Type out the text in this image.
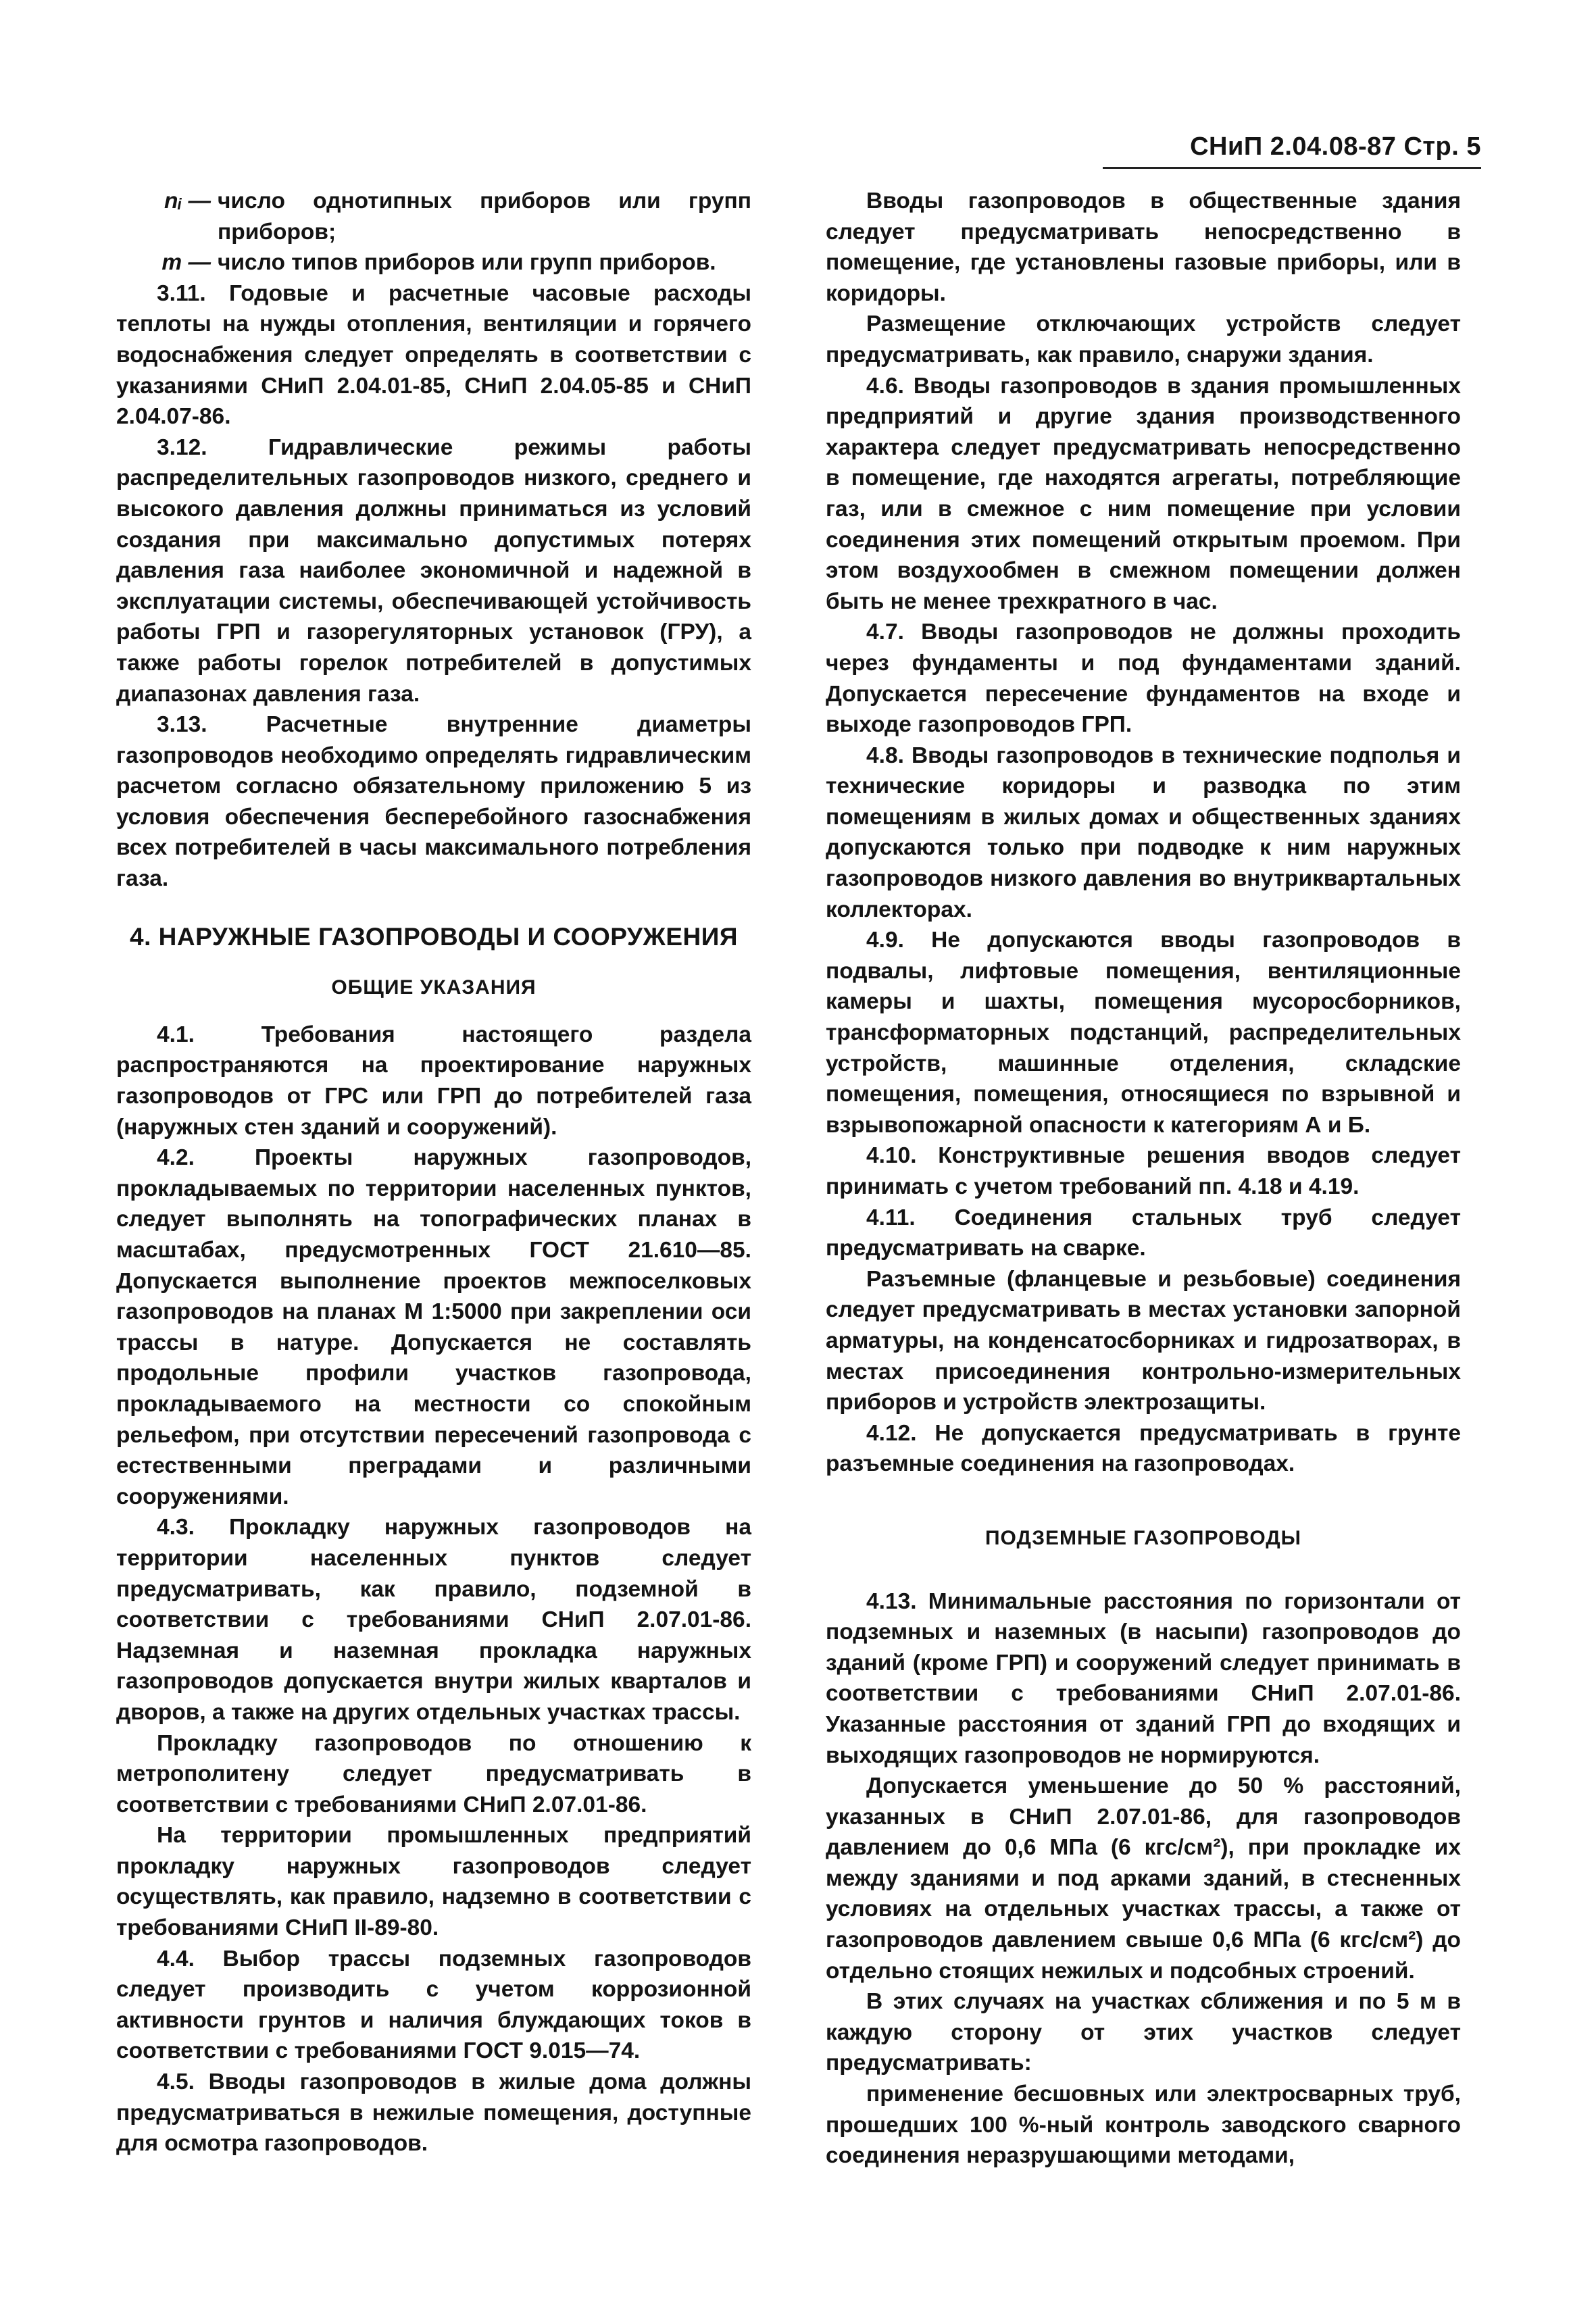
СНиП 2.04.08-87 Стр. 5
nᵢ — число однотипных приборов или групп приборов;
m — число типов приборов или групп приборов.

3.11. Годовые и расчетные часовые расходы теплоты на нужды отопления, вентиляции и горячего водоснабжения следует определять в соответствии с указаниями СНиП 2.04.01-85, СНиП 2.04.05-85 и СНиП 2.04.07-86.

3.12. Гидравлические режимы работы распределительных газопроводов низкого, среднего и высокого давления должны приниматься из условий создания при максимально допустимых потерях давления газа наиболее экономичной и надежной в эксплуатации системы, обеспечивающей устойчивость работы ГРП и газорегуляторных установок (ГРУ), а также работы горелок потребителей в допустимых диапазонах давления газа.

3.13. Расчетные внутренние диаметры газопроводов необходимо определять гидравлическим расчетом согласно обязательному приложению 5 из условия обеспечения бесперебойного газоснабжения всех потребителей в часы максимального потребления газа.

4. НАРУЖНЫЕ ГАЗОПРОВОДЫ И СООРУЖЕНИЯ
ОБЩИЕ УКАЗАНИЯ

4.1. Требования настоящего раздела распространяются на проектирование наружных газопроводов от ГРС или ГРП до потребителей газа (наружных стен зданий и сооружений).

4.2. Проекты наружных газопроводов, прокладываемых по территории населенных пунктов, следует выполнять на топографических планах в масштабах, предусмотренных ГОСТ 21.610—85. Допускается выполнение проектов межпоселковых газопроводов на планах М 1:5000 при закреплении оси трассы в натуре. Допускается не составлять продольные профили участков газопровода, прокладываемого на местности со спокойным рельефом, при отсутствии пересечений газопровода с естественными преградами и различными сооружениями.

4.3. Прокладку наружных газопроводов на территории населенных пунктов следует предусматривать, как правило, подземной в соответствии с требованиями СНиП 2.07.01-86. Надземная и наземная прокладка наружных газопроводов допускается внутри жилых кварталов и дворов, а также на других отдельных участках трассы.

Прокладку газопроводов по отношению к метрополитену следует предусматривать в соответствии с требованиями СНиП 2.07.01-86.

На территории промышленных предприятий прокладку наружных газопроводов следует осуществлять, как правило, надземно в соответствии с требованиями СНиП II-89-80.

4.4. Выбор трассы подземных газопроводов следует производить с учетом коррозионной активности грунтов и наличия блуждающих токов в соответствии с требованиями ГОСТ 9.015—74.

4.5. Вводы газопроводов в жилые дома должны предусматриваться в нежилые помещения, доступные для осмотра газопроводов.

Вводы газопроводов в общественные здания следует предусматривать непосредственно в помещение, где установлены газовые приборы, или в коридоры.

Размещение отключающих устройств следует предусматривать, как правило, снаружи здания.

4.6. Вводы газопроводов в здания промышленных предприятий и другие здания производственного характера следует предусматривать непосредственно в помещение, где находятся агрегаты, потребляющие газ, или в смежное с ним помещение при условии соединения этих помещений открытым проемом. При этом воздухообмен в смежном помещении должен быть не менее трехкратного в час.

4.7. Вводы газопроводов не должны проходить через фундаменты и под фундаментами зданий. Допускается пересечение фундаментов на входе и выходе газопроводов ГРП.

4.8. Вводы газопроводов в технические подполья и технические коридоры и разводка по этим помещениям в жилых домах и общественных зданиях допускаются только при подводке к ним наружных газопроводов низкого давления во внутриквартальных коллекторах.

4.9. Не допускаются вводы газопроводов в подвалы, лифтовые помещения, вентиляционные камеры и шахты, помещения мусоросборников, трансформаторных подстанций, распределительных устройств, машинные отделения, складские помещения, помещения, относящиеся по взрывной и взрывопожарной опасности к категориям А и Б.

4.10. Конструктивные решения вводов следует принимать с учетом требований пп. 4.18 и 4.19.

4.11. Соединения стальных труб следует предусматривать на сварке.

Разъемные (фланцевые и резьбовые) соединения следует предусматривать в местах установки запорной арматуры, на конденсатосборниках и гидрозатворах, в местах присоединения контрольно-измерительных приборов и устройств электрозащиты.

4.12. Не допускается предусматривать в грунте разъемные соединения на газопроводах.

ПОДЗЕМНЫЕ ГАЗОПРОВОДЫ

4.13. Минимальные расстояния по горизонтали от подземных и наземных (в насыпи) газопроводов до зданий (кроме ГРП) и сооружений следует принимать в соответствии с требованиями СНиП 2.07.01-86. Указанные расстояния от зданий ГРП до входящих и выходящих газопроводов не нормируются.

Допускается уменьшение до 50 % расстояний, указанных в СНиП 2.07.01-86, для газопроводов давлением до 0,6 МПа (6 кгс/см²), при прокладке их между зданиями и под арками зданий, в стесненных условиях на отдельных участках трассы, а также от газопроводов давлением свыше 0,6 МПа (6 кгс/см²) до отдельно стоящих нежилых и подсобных строений.

В этих случаях на участках сближения и по 5 м в каждую сторону от этих участков следует предусматривать:

применение бесшовных или электросварных труб, прошедших 100 %-ный контроль заводского сварного соединения неразрушающими методами,
